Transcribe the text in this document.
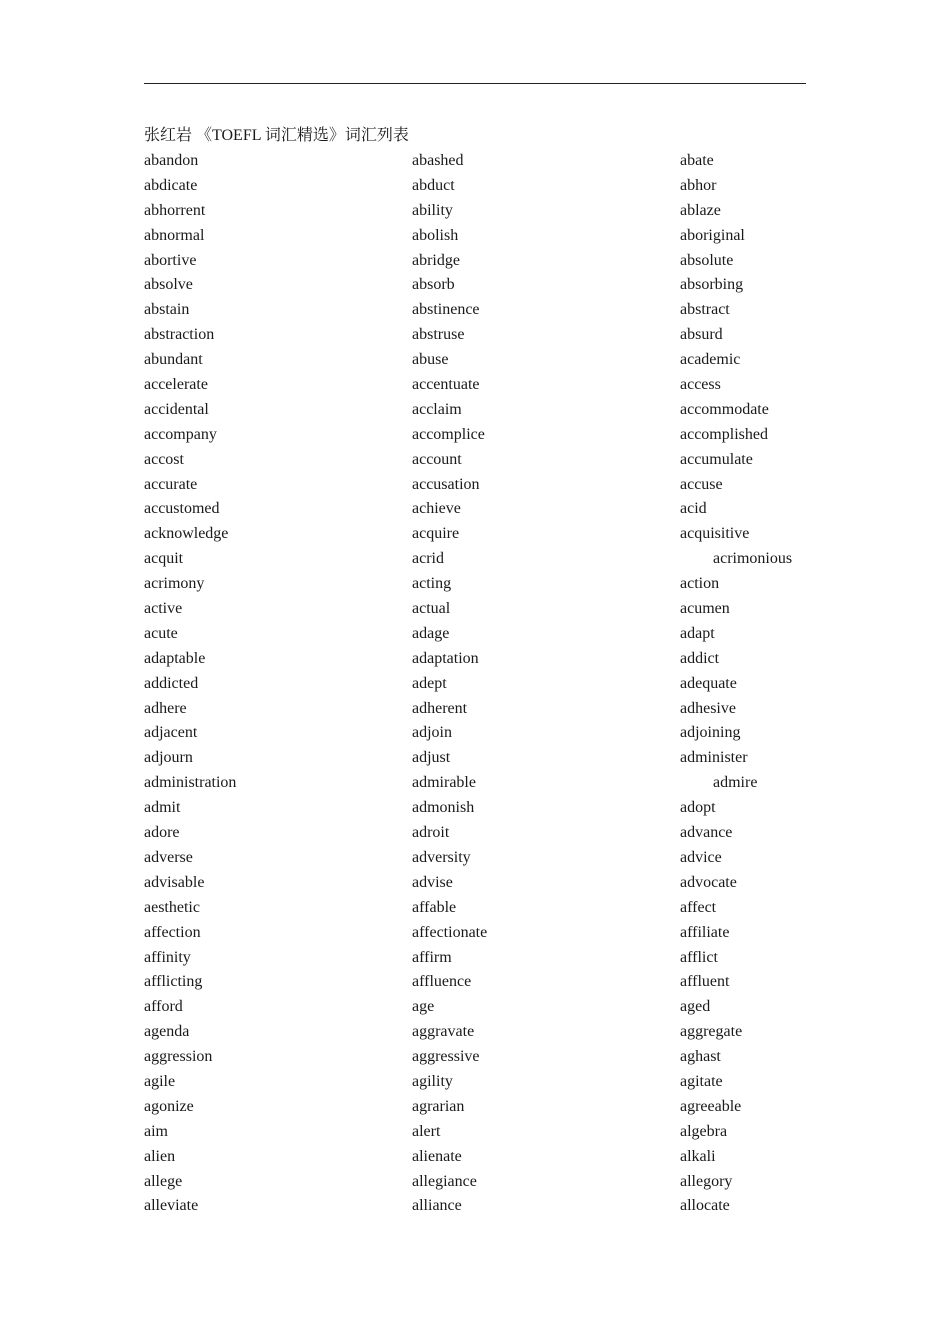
张红岩 《TOEFL 词汇精选》词汇列表
abandon	abashed	abate
abdicate	abduct	abhor
abhorrent	ability	ablaze
abnormal	abolish	aboriginal
abortive	abridge	absolute
absolve	absorb	absorbing
abstain	abstinence	abstract
abstraction	abstruse	absurd
abundant	abuse	academic
accelerate	accentuate	access
accidental	acclaim	accommodate
accompany	accomplice	accomplished
accost	account	accumulate
accurate	accusation	accuse
accustomed	achieve	acid
acknowledge	acquire	acquisitive
acquit	acrid	acrimonious
acrimony	acting	action
active	actual	acumen
acute	adage	adapt
adaptable	adaptation	addict
addicted	adept	adequate
adhere	adherent	adhesive
adjacent	adjoin	adjoining
adjourn	adjust	administer
administration	admirable	admire
admit	admonish	adopt
adore	adroit	advance
adverse	adversity	advice
advisable	advise	advocate
aesthetic	affable	affect
affection	affectionate	affiliate
affinity	affirm	afflict
afflicting	affluence	affluent
afford	age	aged
agenda	aggravate	aggregate
aggression	aggressive	aghast
agile	agility	agitate
agonize	agrarian	agreeable
aim	alert	algebra
alien	alienate	alkali
allege	allegiance	allegory
alleviate	alliance	allocate
